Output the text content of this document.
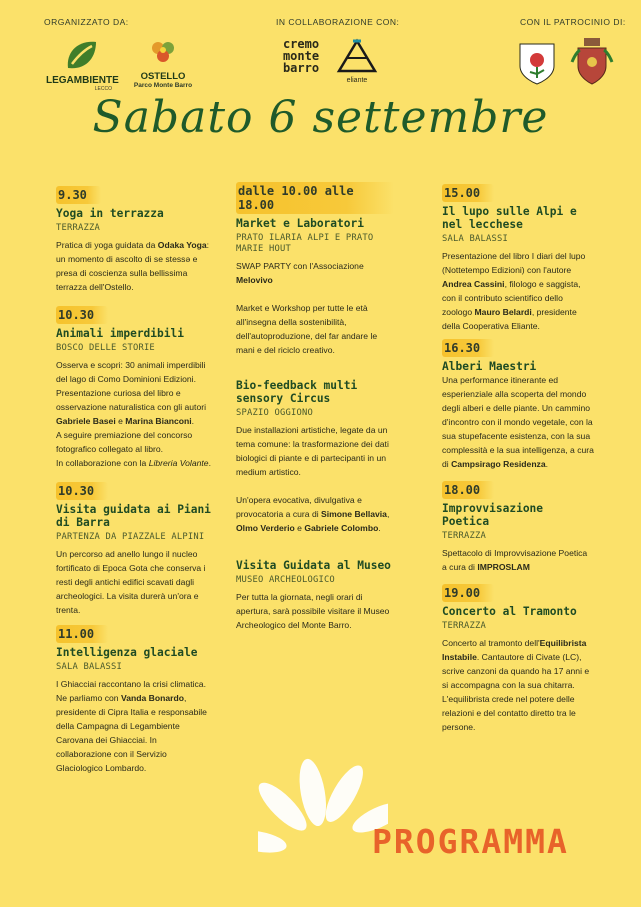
ORGANIZZATO DA:	IN COLLABORAZIONE CON:	CON IL PATROCINIO DI:
LEGAMBIENTE
LECCO
OSTELLO
Parco Monte Barro
cremo monte barro
eliante
Sabato 6 settembre
9.30
Yoga in terrazza
TERRAZZA
Pratica di yoga guidata da Odaka Yoga: un momento di ascolto di se stessǝ e presa di coscienza sulla bellissima terrazza dell'Ostello.
10.30
Animali imperdibili
BOSCO DELLE STORIE
Osserva e scopri: 30 animali imperdibili del lago di Como Dominioni Edizioni.
Presentazione curiosa del libro e osservazione naturalistica con gli autori Gabriele Basei e Marina Bianconi.
A seguire premiazione del concorso fotografico collegato al libro.
In collaborazione con la Libreria Volante.
10.30
Visita guidata ai Piani di Barra
PARTENZA DA PIAZZALE ALPINI
Un percorso ad anello lungo il nucleo fortificato di Epoca Gota che conserva i resti degli antichi edifici scavati dagli archeologici. La visita durerà un'ora e trenta.
11.00
Intelligenza glaciale
SALA BALASSI
I Ghiacciai raccontano la crisi climatica. Ne parliamo con Vanda Bonardo, presidente di Cipra Italia e responsabile della Campagna di Legambiente Carovana dei Ghiacciai. In collaborazione con il Servizio Glaciologico Lombardo.
dalle 10.00 alle 18.00
Market e Laboratori
PRATO ILARIA ALPI E PRATO MARIE HOUT
SWAP PARTY con l'Associazione Melovivo

Market e Workshop per tutte le età all'insegna della sostenibilità, dell'autoproduzione, del far andare le mani e del riciclo creativo.
Bio-feedback multi sensory Circus
SPAZIO OGGIONO
Due installazioni artistiche, legate da un tema comune: la trasformazione dei dati biologici di piante e di partecipanti in un medium artistico.

Un'opera evocativa, divulgativa e provocatoria a cura di Simone Bellavia, Olmo Verderio e Gabriele Colombo.
Visita Guidata al Museo
MUSEO ARCHEOLOGICO
Per tutta la giornata, negli orari di apertura, sarà possibile visitare il Museo Archeologico del Monte Barro.
15.00
Il lupo sulle Alpi e nel lecchese
SALA BALASSI
Presentazione del libro I diari del lupo (Nottetempo Edizioni) con l'autore Andrea Cassini, filologo e saggista, con il contributo scientifico dello zoologo Mauro Belardi, presidente della Cooperativa Eliante.
16.30
Alberi Maestri
Una performance itinerante ed esperienziale alla scoperta del mondo degli alberi e delle piante. Un cammino d'incontro con il mondo vegetale, con la sua stupefacente esistenza, con la sua complessità e la sua intelligenza, a cura di Campsirago Residenza.
18.00
Improvvisazione Poetica
TERRAZZA
Spettacolo di Improvvisazione Poetica a cura di IMPROSLAM
19.00
Concerto al Tramonto
TERRAZZA
Concerto al tramonto dell'Equilibrista Instabile. Cantautore di Civate (LC), scrive canzoni da quando ha 17 anni e si accompagna con la sua chitarra. L'equilibrista crede nel potere delle relazioni e del contatto diretto tra le persone.
PROGRAMMA
